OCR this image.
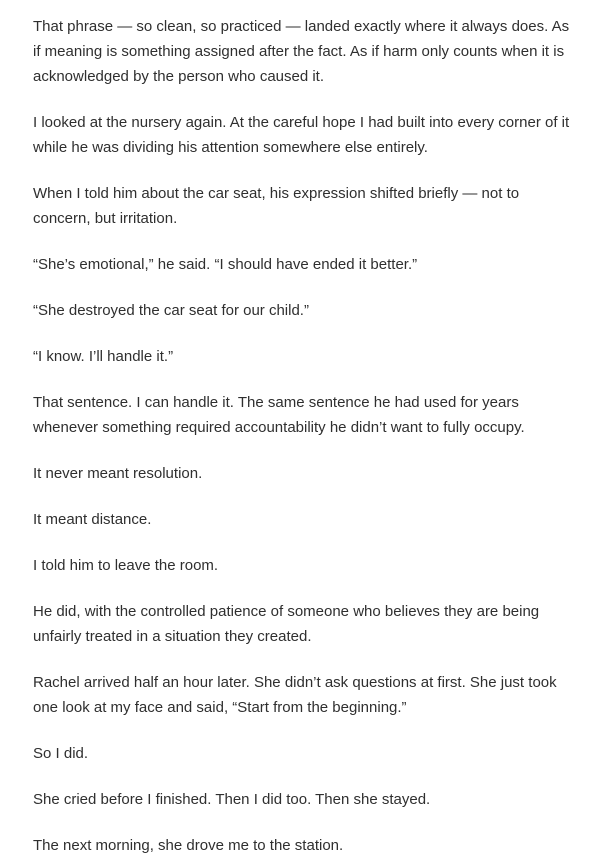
That phrase — so clean, so practiced — landed exactly where it always does. As if meaning is something assigned after the fact. As if harm only counts when it is acknowledged by the person who caused it.

I looked at the nursery again. At the careful hope I had built into every corner of it while he was dividing his attention somewhere else entirely.

When I told him about the car seat, his expression shifted briefly — not to concern, but irritation.

“She’s emotional,” he said. “I should have ended it better.”

“She destroyed the car seat for our child.”

“I know. I’ll handle it.”

That sentence. I can handle it. The same sentence he had used for years whenever something required accountability he didn’t want to fully occupy.

It never meant resolution.

It meant distance.

I told him to leave the room.

He did, with the controlled patience of someone who believes they are being unfairly treated in a situation they created.

Rachel arrived half an hour later. She didn’t ask questions at first. She just took one look at my face and said, “Start from the beginning.”

So I did.

She cried before I finished. Then I did too. Then she stayed.

The next morning, she drove me to the station.
